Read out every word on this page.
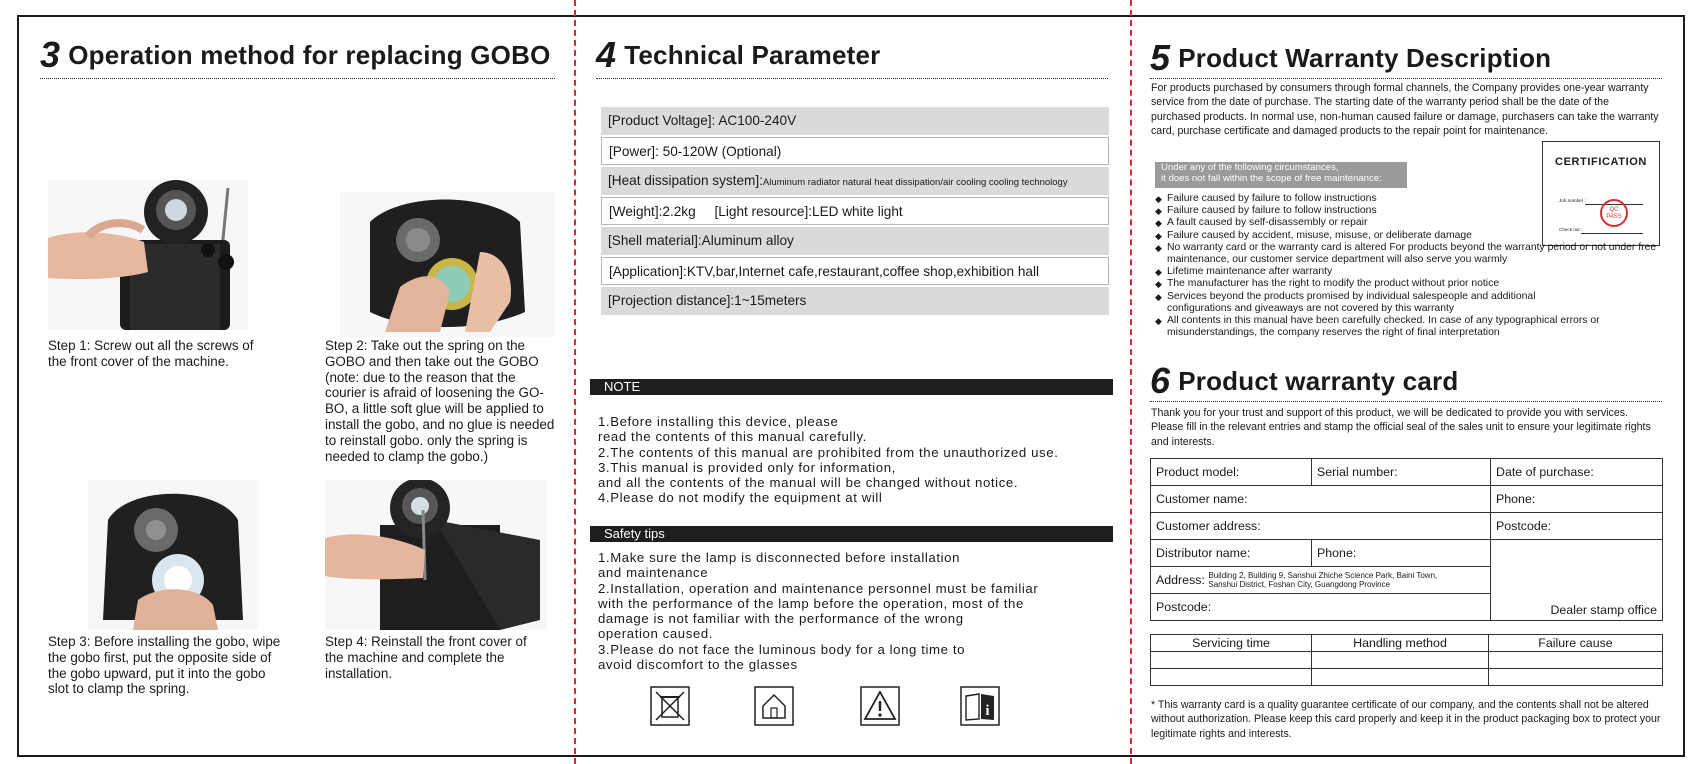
3 Operation method for replacing GOBO
Step 1: Screw out all the screws of
the front cover of the machine.
Step 2: Take out the spring on the
GOBO and then take out the GOBO
(note: due to the reason that the
courier is afraid of loosening the GO-
BO, a little soft glue will be applied to
install the gobo, and no glue is needed
to reinstall gobo. only the spring is
needed to clamp the gobo.)
Step 3: Before installing the gobo, wipe
the gobo first, put the opposite side of
the gobo upward, put it into the gobo
slot to clamp the spring.
Step 4: Reinstall the front cover of
the machine and complete the
installation.
4 Technical Parameter
[Product Voltage]: AC100-240V
[Power]: 50-120W (Optional)
[Heat dissipation system]:Aluminum radiator natural heat dissipation/air cooling cooling technology
[Weight]:2.2kg     [Light resource]:LED white light
[Shell material]:Aluminum alloy
[Application]:KTV,bar,Internet cafe,restaurant,coffee shop,exhibition hall
[Projection distance]:1~15meters
NOTE
1.Before installing this device, please
read the contents of this manual carefully.
2.The contents of this manual are prohibited from the unauthorized use.
3.This manual is provided only for information,
and all the contents of the manual will be changed without notice.
4.Please do not modify the equipment at will
Safety tips
1.Make sure the lamp is disconnected before installation
and maintenance
2.Installation, operation and maintenance personnel must be familiar
with the performance of the lamp before the operation, most of the
damage is not familiar with the performance of the wrong
operation caused.
3.Please do not face the luminous body for a long time to
avoid discomfort to the glasses
i
5 Product Warranty Description
For products purchased by consumers through formal channels, the Company provides one-year warranty service from the date of purchase. The starting date of the warranty period shall be the date of the purchased products. In normal use, non-human caused failure or damage, purchasers can take the warranty card, purchase certificate and damaged products to the repair point for maintenance.
Under any of the following circumstances,
it does not fall within the scope of free maintenance:
CERTIFICATION
Job number :
Check out :
QC
PASS
◆ Failure caused by failure to follow instructions
◆ Failure caused by failure to follow instructions
◆ A fault caused by self-disassembly or repair
◆ Failure caused by accident, misuse, misuse, or deliberate damage
◆ No warranty card or the warranty card is altered For products beyond the warranty period or not under free maintenance, our customer service department will also serve you warmly
◆ Lifetime maintenance after warranty
◆ The manufacturer has the right to modify the product without prior notice
◆ Services beyond the products promised by individual salespeople and additional configurations and giveaways are not covered by this warranty
◆ All contents in this manual have been carefully checked. In case of any typographical errors or misunderstandings, the company reserves the right of final interpretation
6 Product warranty card
Thank you for your trust and support of this product, we will be dedicated to provide you with services. Please fill in the relevant entries and stamp the official seal of the sales unit to ensure your legitimate rights and interests.
Product model:	Serial number:	Date of purchase:
Customer name:		Phone:
Customer address:		Postcode:
Distributor name:	Phone:	Dealer stamp office
Address: Building 2, Building 9, Sanshui Zhiche Science Park, Baini Town,
Sanshui District, Foshan City, Guangdong Province		
Postcode:		
Servicing time	Handling method	Failure cause

* This warranty card is a quality guarantee certificate of our company, and the contents shall not be altered without authorization. Please keep this card properly and keep it in the product packaging box to protect your legitimate rights and interests.
